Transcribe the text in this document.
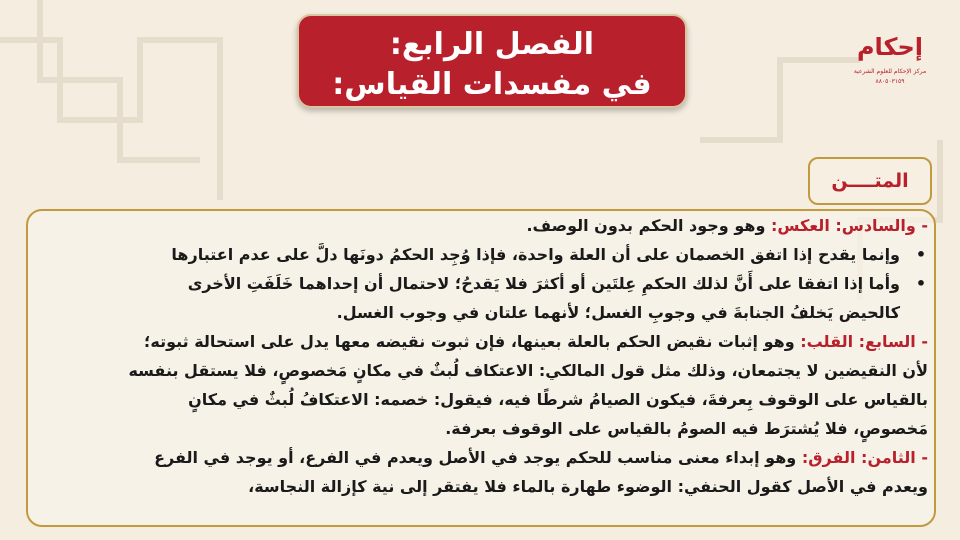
الفصل الرابع:
في مفسدات القياس:
إحكام
مركز الإحكام للعلوم الشرعية
٨٨٠٥٠٣١٥٩
المتــــن
- والسادس: العكس: وهو وجود الحكم بدون الوصف.
•وإنما يقدح إذا اتفق الخصمان على أن العلة واحدة، فإذا وُجِد الحكمُ دونَها دلَّ على عدم اعتبارها
•وأما إذا اتفقا على أَنَّ لذلك الحكمِ عِلتَين أو أكثرَ فلا يَقدحُ؛ لاحتمال أن إحداهما خَلَفَتِ الأخرى
كالحيض يَخلفُ الجنابةَ في وجوبِ الغسل؛ لأنهما علتان في وجوب الغسل.
- السابع: القلب: وهو إثبات نقيض الحكم بالعلة بعينها، فإن ثبوت نقيضه معها يدل على استحالة ثبوته؛
لأن النقيضين لا يجتمعان، وذلك مثل قول المالكي: الاعتكاف لُبثٌ في مكانٍ مَخصوصٍ، فلا يستقل بنفسه
بالقياس على الوقوف بِعرفةَ، فيكون الصيامُ شرطًا فيه، فيقول: خصمه: الاعتكافُ لُبثٌ في مكانٍ
مَخصوصٍ، فلا يُشترَط فيه الصومُ بالقياس على الوقوف بعرفة.
- الثامن: الفرق: وهو إبداء معنى مناسب للحكم يوجد في الأصل ويعدم في الفرع، أو يوجد في الفرع
ويعدم في الأصل كقول الحنفي: الوضوء طهارة بالماء فلا يفتقر إلى نية كإزالة النجاسة،
